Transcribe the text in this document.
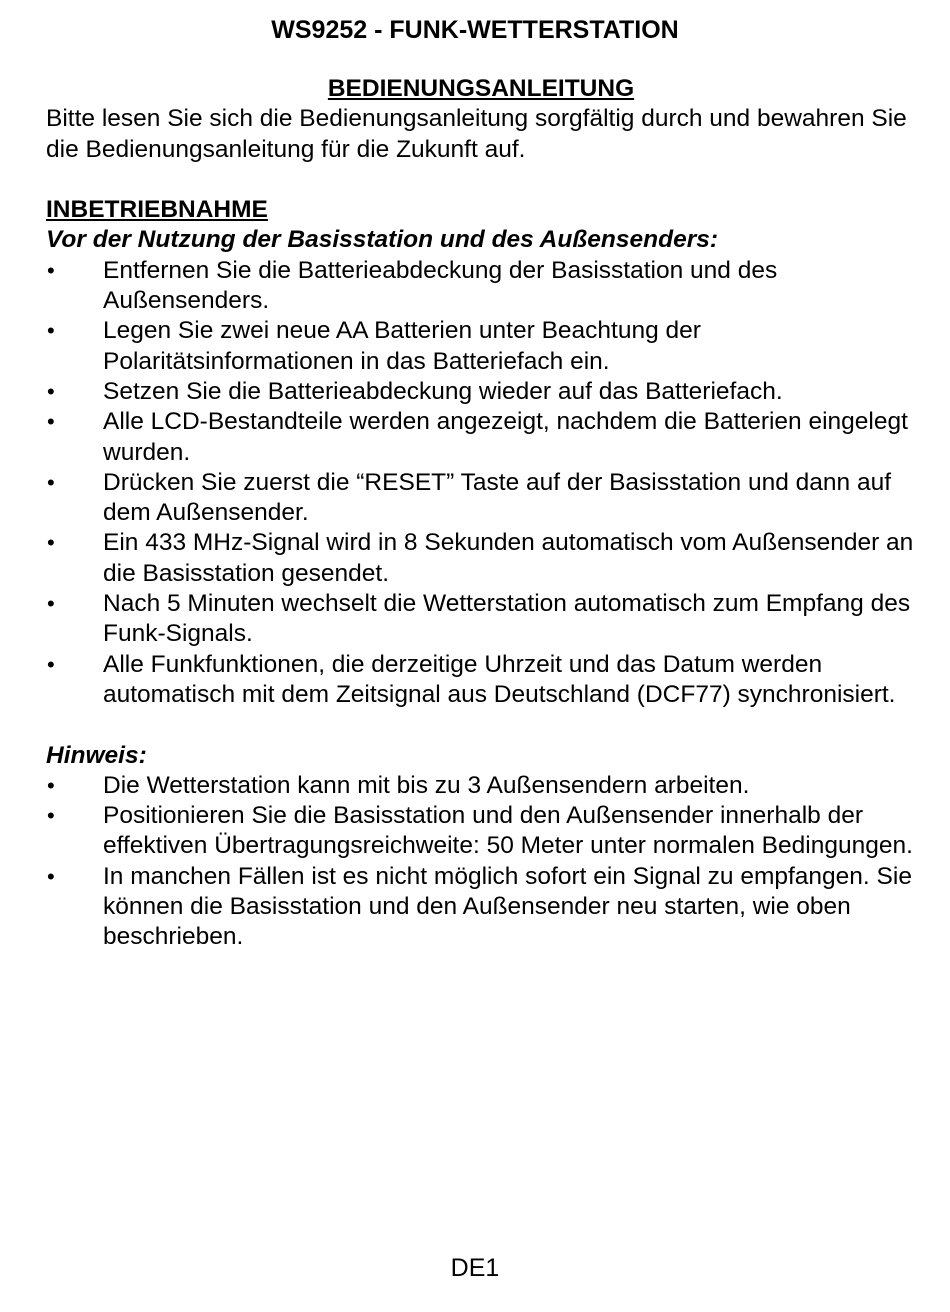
WS9252 - FUNK-WETTERSTATION
BEDIENUNGSANLEITUNG

Bitte lesen Sie sich die Bedienungsanleitung sorgfältig durch und bewahren Sie die Bedienungsanleitung für die Zukunft auf.

INBETRIEBNAHME
Vor der Nutzung der Basisstation und des Außensenders:
•	Entfernen Sie die Batterieabdeckung der Basisstation und des Außensenders.
•	Legen Sie zwei neue AA Batterien unter Beachtung der Polaritätsinformationen in das Batteriefach ein.
•	Setzen Sie die Batterieabdeckung wieder auf das Batteriefach.
•	Alle LCD-Bestandteile werden angezeigt, nachdem die Batterien eingelegt wurden.
•	Drücken Sie zuerst die “RESET” Taste auf der Basisstation und dann auf dem Außensender.
•	Ein 433 MHz-Signal wird in 8 Sekunden automatisch vom Außensender an die Basisstation gesendet.
•	Nach 5 Minuten wechselt die Wetterstation automatisch zum Empfang des Funk-Signals.
•	Alle Funkfunktionen, die derzeitige Uhrzeit und das Datum werden automatisch mit dem Zeitsignal aus Deutschland (DCF77) synchronisiert.
Hinweis:
•	Die Wetterstation kann mit bis zu 3 Außensendern arbeiten.
•	Positionieren Sie die Basisstation und den Außensender innerhalb der effektiven Übertragungsreichweite: 50 Meter unter normalen Bedingungen.
•	In manchen Fällen ist es nicht möglich sofort ein Signal zu empfangen. Sie können die Basisstation und den Außensender neu starten, wie oben beschrieben.
DE1
